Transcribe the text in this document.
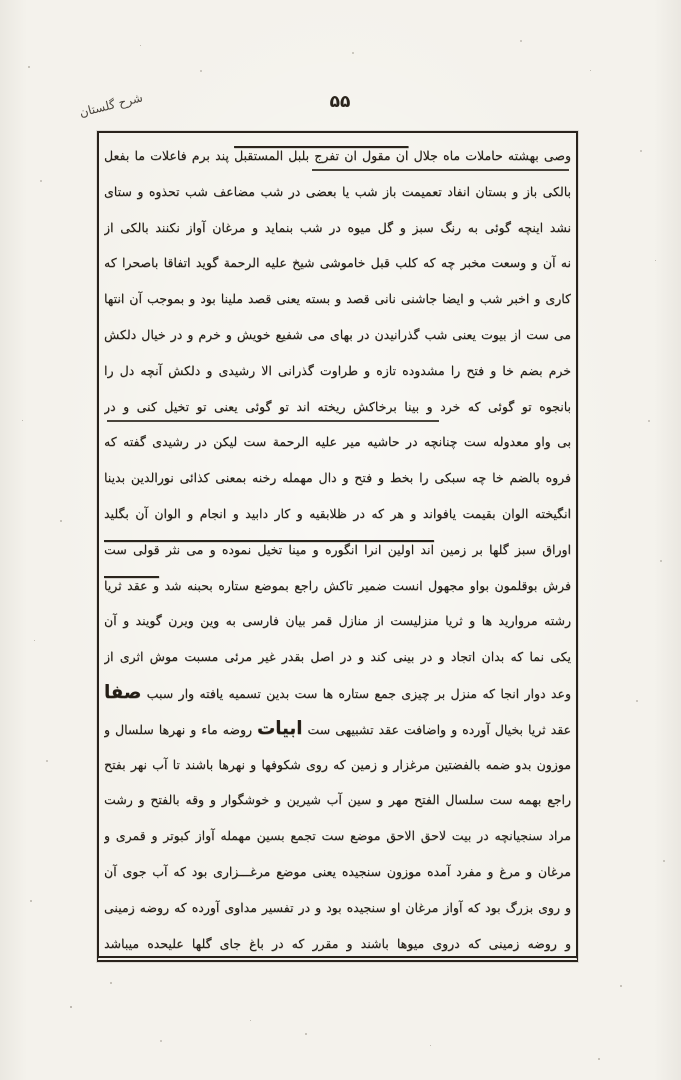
شرح گلستان	۵۵
وصی بهشته حاملات ماه جلال ان مقول ان تفرج بلبل المستقبل پند برم فاعلات ما بفعل
بالکی باز و بستان انفاد تعمیمت باز شب یا بعضی در شب مضاعف شب تحذوه و ستای
نشد اینچه گوئی به رنگ سبز و گل میوه در شب بنماید و مرغان آواز نکنند بالکی از
نه آن و وسعت مخبر چه که کلب قبل خاموشی شیخ علیه الرحمة گوید اتفاقا باصحرا که
کاری و اخبر شب و ایضا جاشنی نانی قصد و بسته یعنی قصد ملینا بود و بموجب آن انتها
می ست از بیوت یعنی شب گذرانیدن در بهای می شفیع خویش و خرم و در خیال دلکش
خرم بضم خا و فتح را مشدوده تازه و طراوت گذرانی الا رشیدی و دلکش آنچه دل را
بانجوه تو گوئی که خرد و بینا برخاکش ریخته اند تو گوئی یعنی تو تخیل کنی و در
بی واو معدوله ست چنانچه در حاشیه میر علیه الرحمة ست لیکن در رشیدی گفته که
فروه بالضم خا چه سبکی را بخط و فتح و دال مهمله رخنه بمعنی کذائی نورالدین بدینا
انگیخته الوان بقیمت یافواند و هر که در ظلابقیه و کار دابید و انجام و الوان آن بگلید
اوراق سبز گلها بر زمین اند اولین انرا انگوره و مینا تخیل نموده و می نثر قولی ست
فرش بوقلمون بواو مجهول انست ضمیر تاکش راجع بموضع ستاره بحبنه شد و عقد ثریا
رشته مروارید ها و ثریا منزلیست از منازل قمر بیان فارسی به وین ویرن گویند و آن
یکی نما که بدان اتجاد و در بینی کند و در اصل بقدر غیر مرئی مسبت موش اثری از
وعد دوار انجا که منزل بر چیزی جمع ستاره ها ست بدین تسمیه یافته وار سبب صفا
عقد ثریا بخیال آورده و واضافت عقد تشبیهی ست ابیات روضه ماء و نهرها سلسال و
موزون بدو ضمه بالفضتین مرغزار و زمین که روی شکوفها و نهرها باشند تا آب نهر بفتح
راجع بهمه ست سلسال الفتح مهر و سین آب شیرین و خوشگوار و وقه بالفتح و رشت
مراد سنجیانچه در بیت لاحق الاحق موضع ست تجمع بسین مهمله آواز کبوتر و قمری و
مرغان و مرغ و مفرد آمده موزون سنجیده یعنی موضع مرغـــزاری بود که آب جوی آن
و روی بزرگ بود که آواز مرغان او سنجیده بود و در تفسیر مداوی آورده که روضه زمینی
و روضه زمینی که دروی میوها باشند و مقرر که در باغ جای گلها علیحده میباشد
